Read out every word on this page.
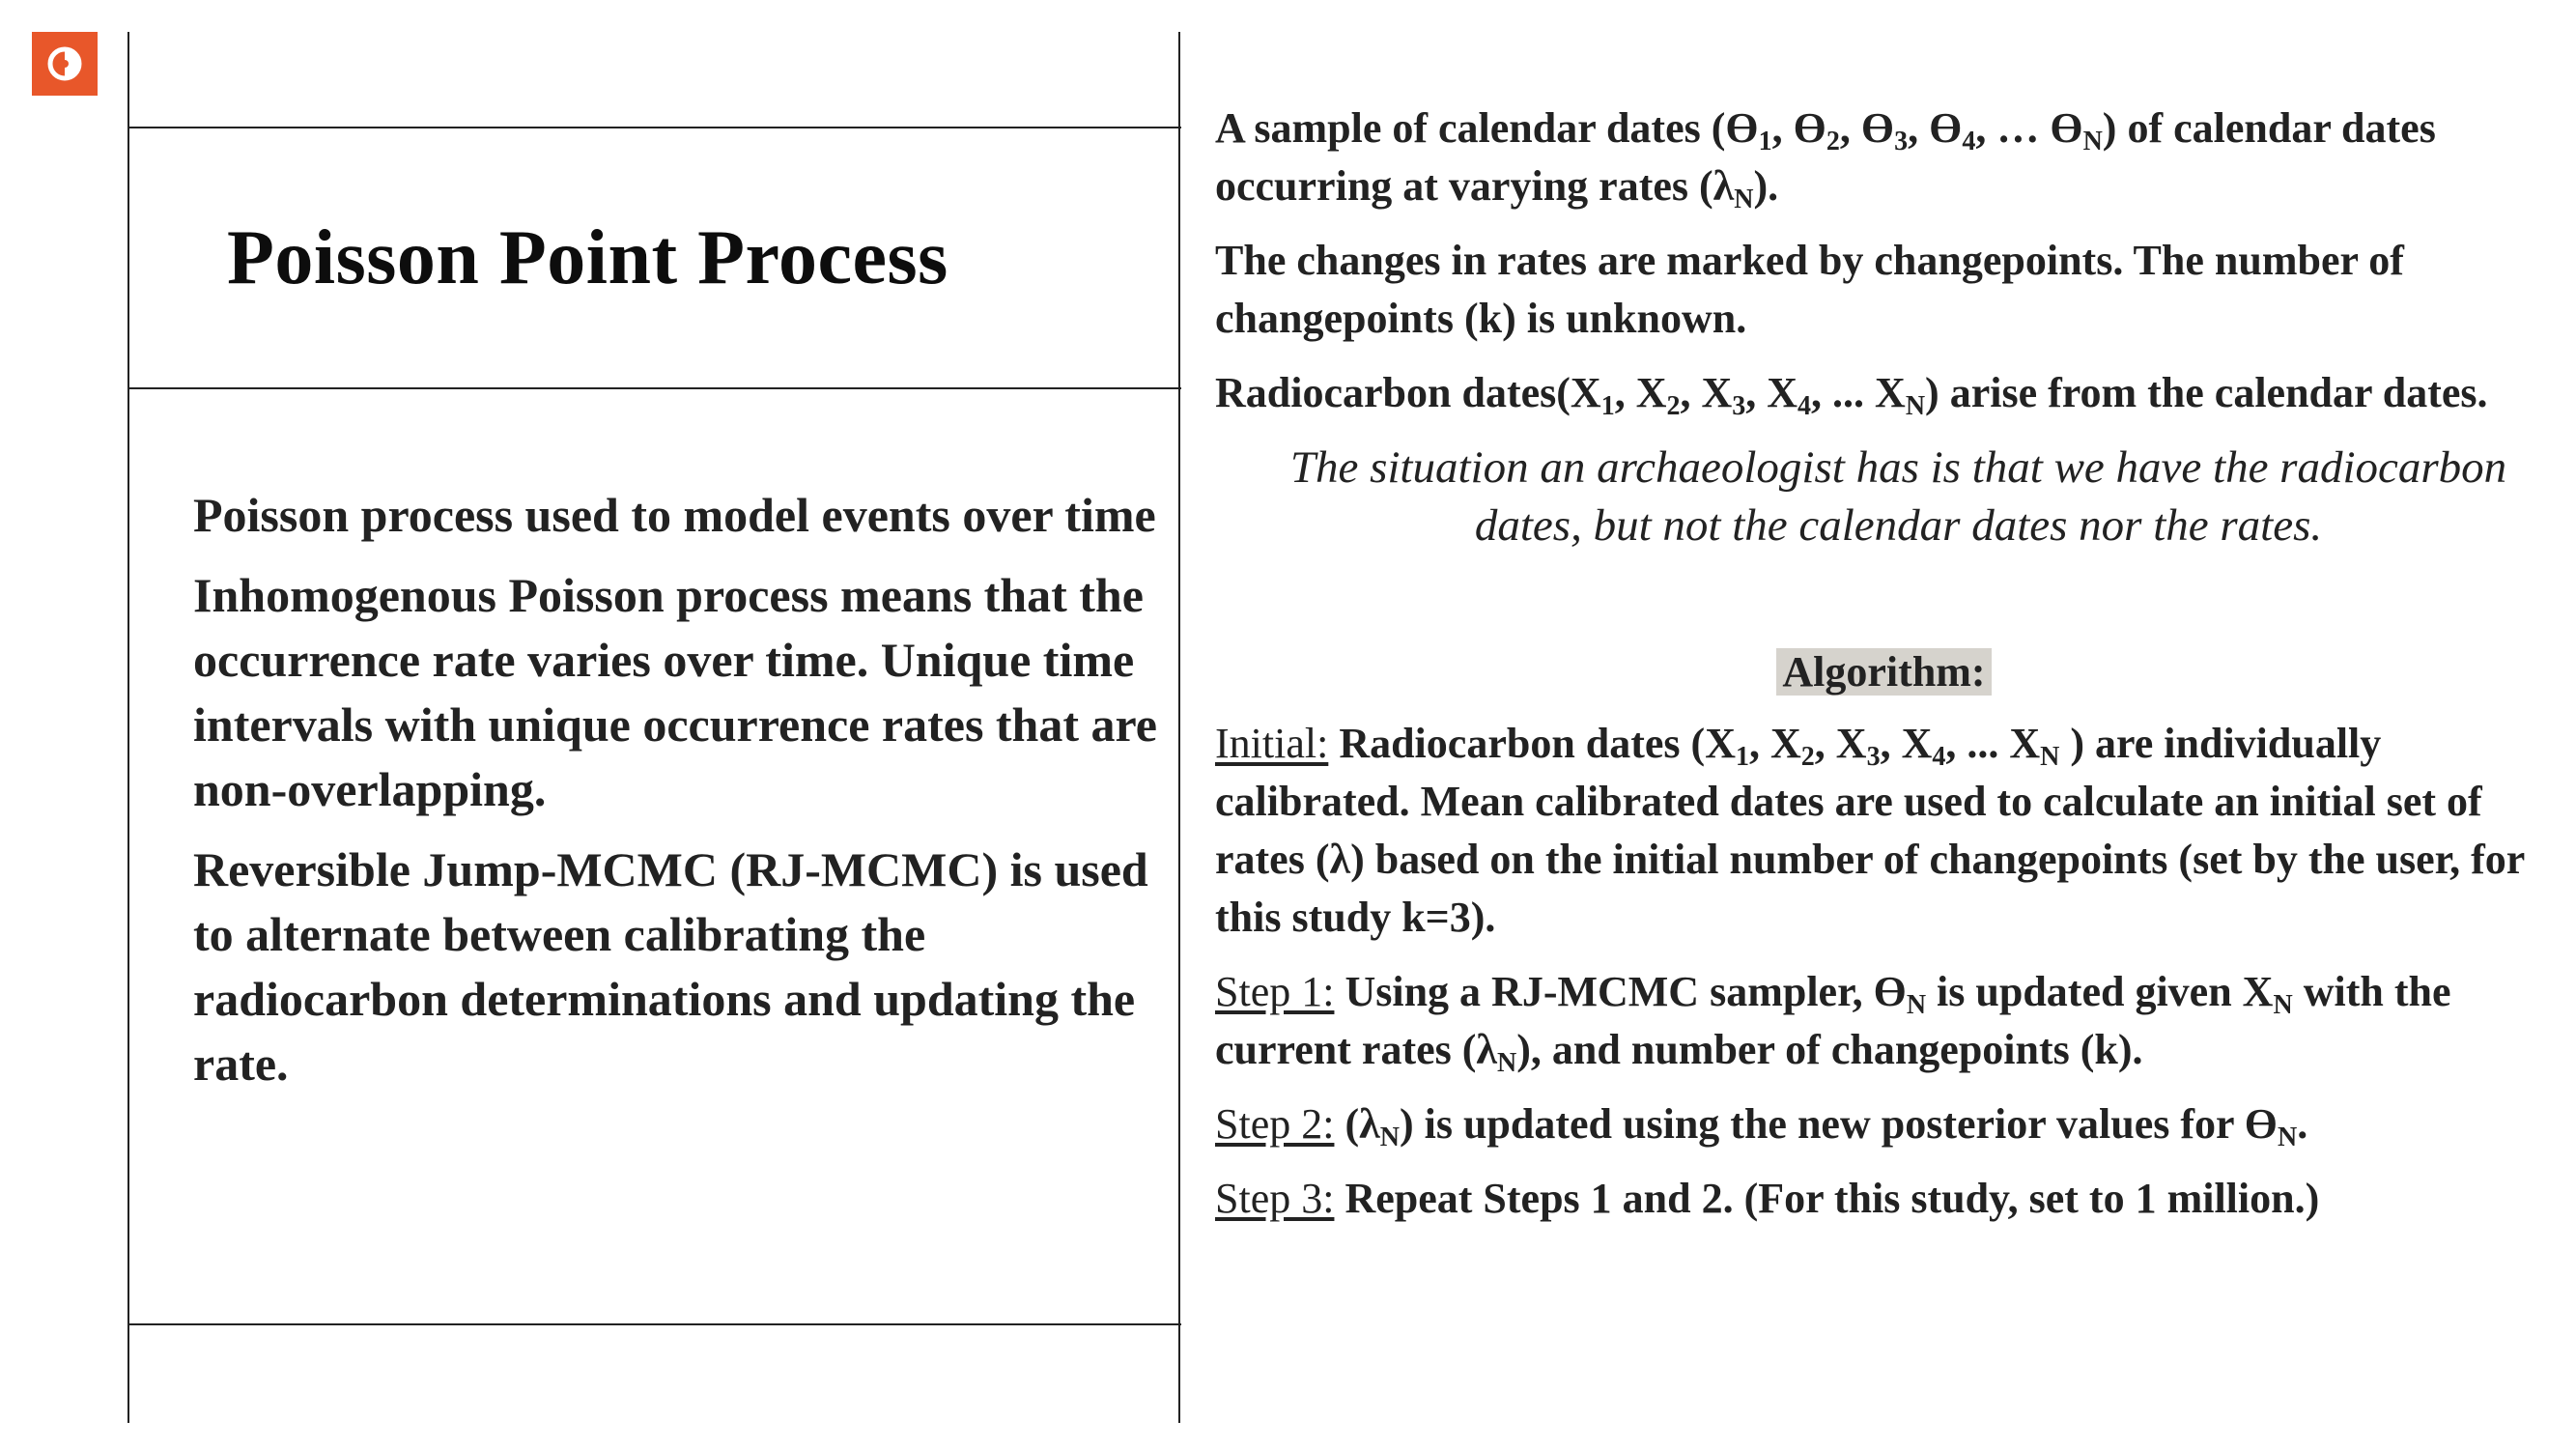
Poisson Point Process

Poisson process used to model events over time

Inhomogenous Poisson process means that the occurrence rate varies over time. Unique time intervals with unique occurrence rates that are non-overlapping.

Reversible Jump-MCMC (RJ-MCMC) is used to alternate between calibrating the radiocarbon determinations and updating the rate.

A sample of calendar dates ($ϴ_1$, $ϴ_2$, $ϴ_3$, $ϴ_4$, … $ϴ_N$) of calendar dates occurring at varying rates $(\lambda_N)$.

The changes in rates are marked by changepoints. The number of changepoints (k) is unknown.

Radiocarbon $dates(X_1$, $X_2$, $X_3$, $X_4$, ... $X_N$) arise from the calendar dates.

The situation an archaeologist has is that we have the radiocarbon dates, but not the calendar dates nor the rates.

Algorithm:

Initial: Radiocarbon dates ($X_1$, $X_2$, $X_3$, $X_4$, ... $X_N$ ) are individually calibrated. Mean calibrated dates are used to calculate an initial set of rates (λ) based on the initial number of changepoints (set by the user, for this study k=3).

Step 1: Using a RJ-MCMC sampler, $ϴ_N$ is updated given $X_N$ with the current rates $(\lambda_N)$, and number of changepoints (k).

Step 2: $(\lambda_N)$ is updated using the new posterior values for $ϴ_N$.

Step 3: Repeat Steps 1 and 2. (For this study, set to 1 million.)
